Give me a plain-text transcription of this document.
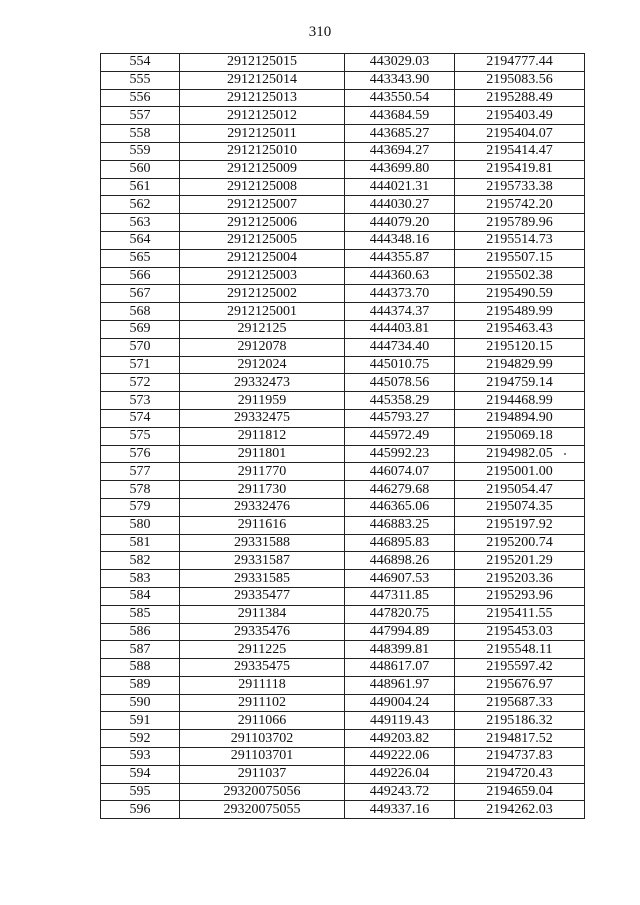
310
554	2912125015	443029.03	2194777.44
555	2912125014	443343.90	2195083.56
556	2912125013	443550.54	2195288.49
557	2912125012	443684.59	2195403.49
558	2912125011	443685.27	2195404.07
559	2912125010	443694.27	2195414.47
560	2912125009	443699.80	2195419.81
561	2912125008	444021.31	2195733.38
562	2912125007	444030.27	2195742.20
563	2912125006	444079.20	2195789.96
564	2912125005	444348.16	2195514.73
565	2912125004	444355.87	2195507.15
566	2912125003	444360.63	2195502.38
567	2912125002	444373.70	2195490.59
568	2912125001	444374.37	2195489.99
569	2912125	444403.81	2195463.43
570	2912078	444734.40	2195120.15
571	2912024	445010.75	2194829.99
572	29332473	445078.56	2194759.14
573	2911959	445358.29	2194468.99
574	29332475	445793.27	2194894.90
575	2911812	445972.49	2195069.18
576	2911801	445992.23	2194982.05

577	2911770	446074.07	2195001.00
578	2911730	446279.68	2195054.47
579	29332476	446365.06	2195074.35
580	2911616	446883.25	2195197.92
581	29331588	446895.83	2195200.74
582	29331587	446898.26	2195201.29
583	29331585	446907.53	2195203.36
584	29335477	447311.85	2195293.96
585	2911384	447820.75	2195411.55
586	29335476	447994.89	2195453.03
587	2911225	448399.81	2195548.11
588	29335475	448617.07	2195597.42
589	2911118	448961.97	2195676.97
590	2911102	449004.24	2195687.33
591	2911066	449119.43	2195186.32
592	291103702	449203.82	2194817.52
593	291103701	449222.06	2194737.83
594	2911037	449226.04	2194720.43
595	29320075056	449243.72	2194659.04
596	29320075055	449337.16	2194262.03
